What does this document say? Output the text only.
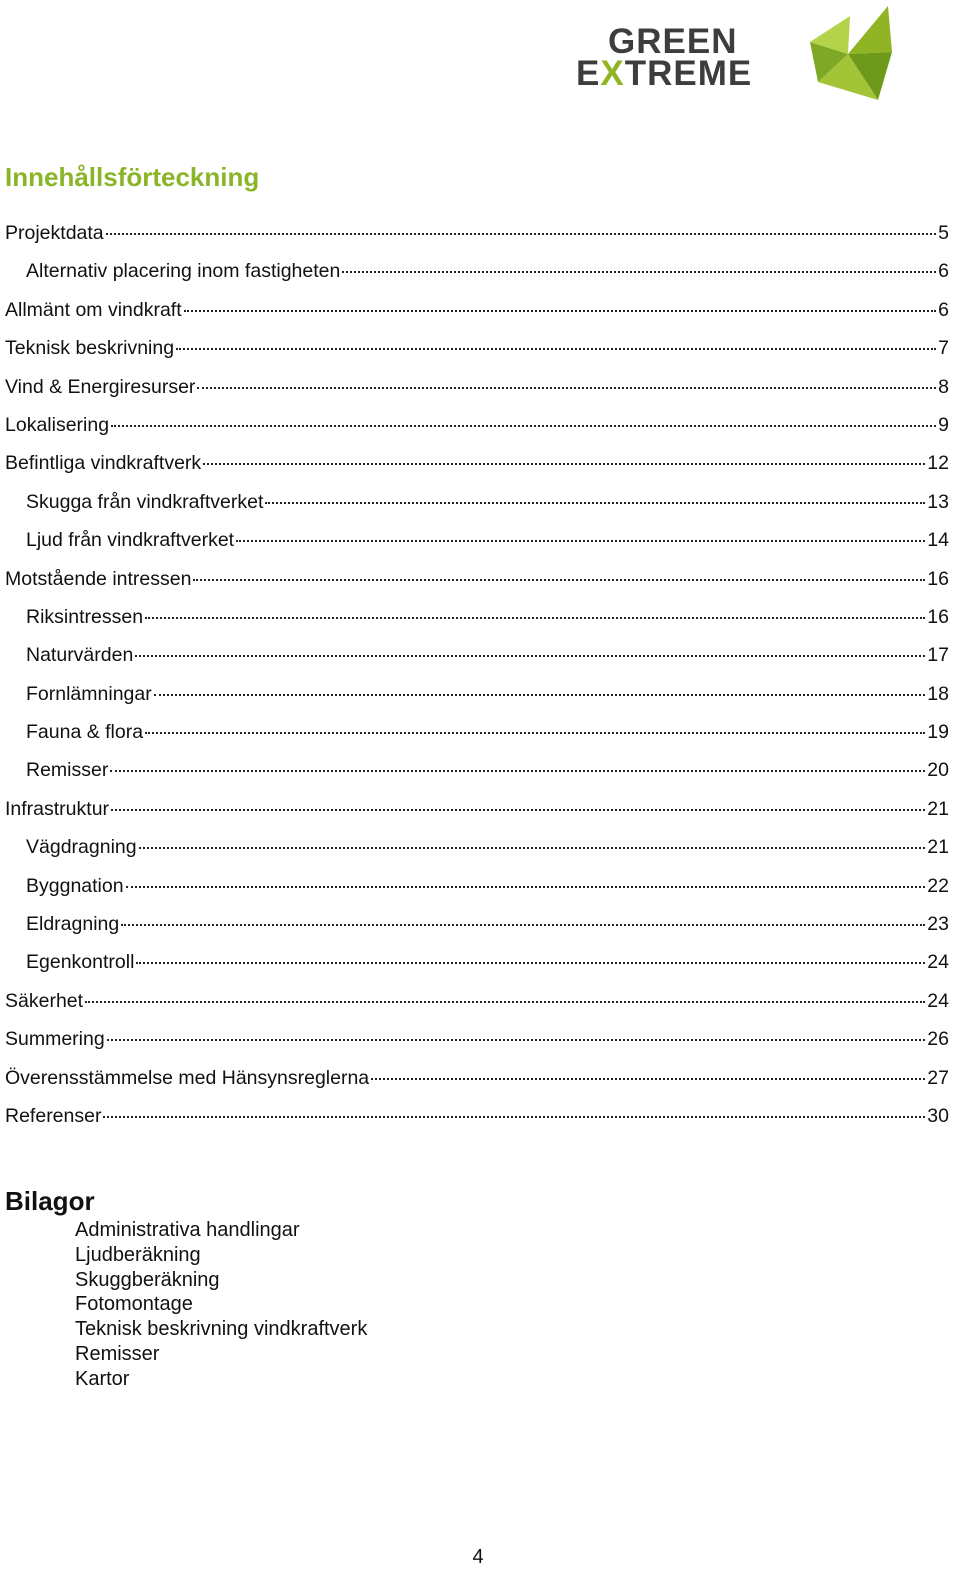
GREEN
EXTREME
Innehållsförteckning
Projektdata	5
Alternativ placering inom fastigheten	6
Allmänt om vindkraft	6
Teknisk beskrivning	7
Vind & Energiresurser	8
Lokalisering	9
Befintliga vindkraftverk	12
Skugga från vindkraftverket	13
Ljud från vindkraftverket	14
Motstående intressen	16
Riksintressen	16
Naturvärden	17
Fornlämningar	18
Fauna & flora	19
Remisser	20
Infrastruktur	21
Vägdragning	21
Byggnation	22
Eldragning	23
Egenkontroll	24
Säkerhet	24
Summering	26
Överensstämmelse med Hänsynsreglerna	27
Referenser	30
Bilagor
Administrativa handlingar
Ljudberäkning
Skuggberäkning
Fotomontage
Teknisk beskrivning vindkraftverk
Remisser
Kartor
4
